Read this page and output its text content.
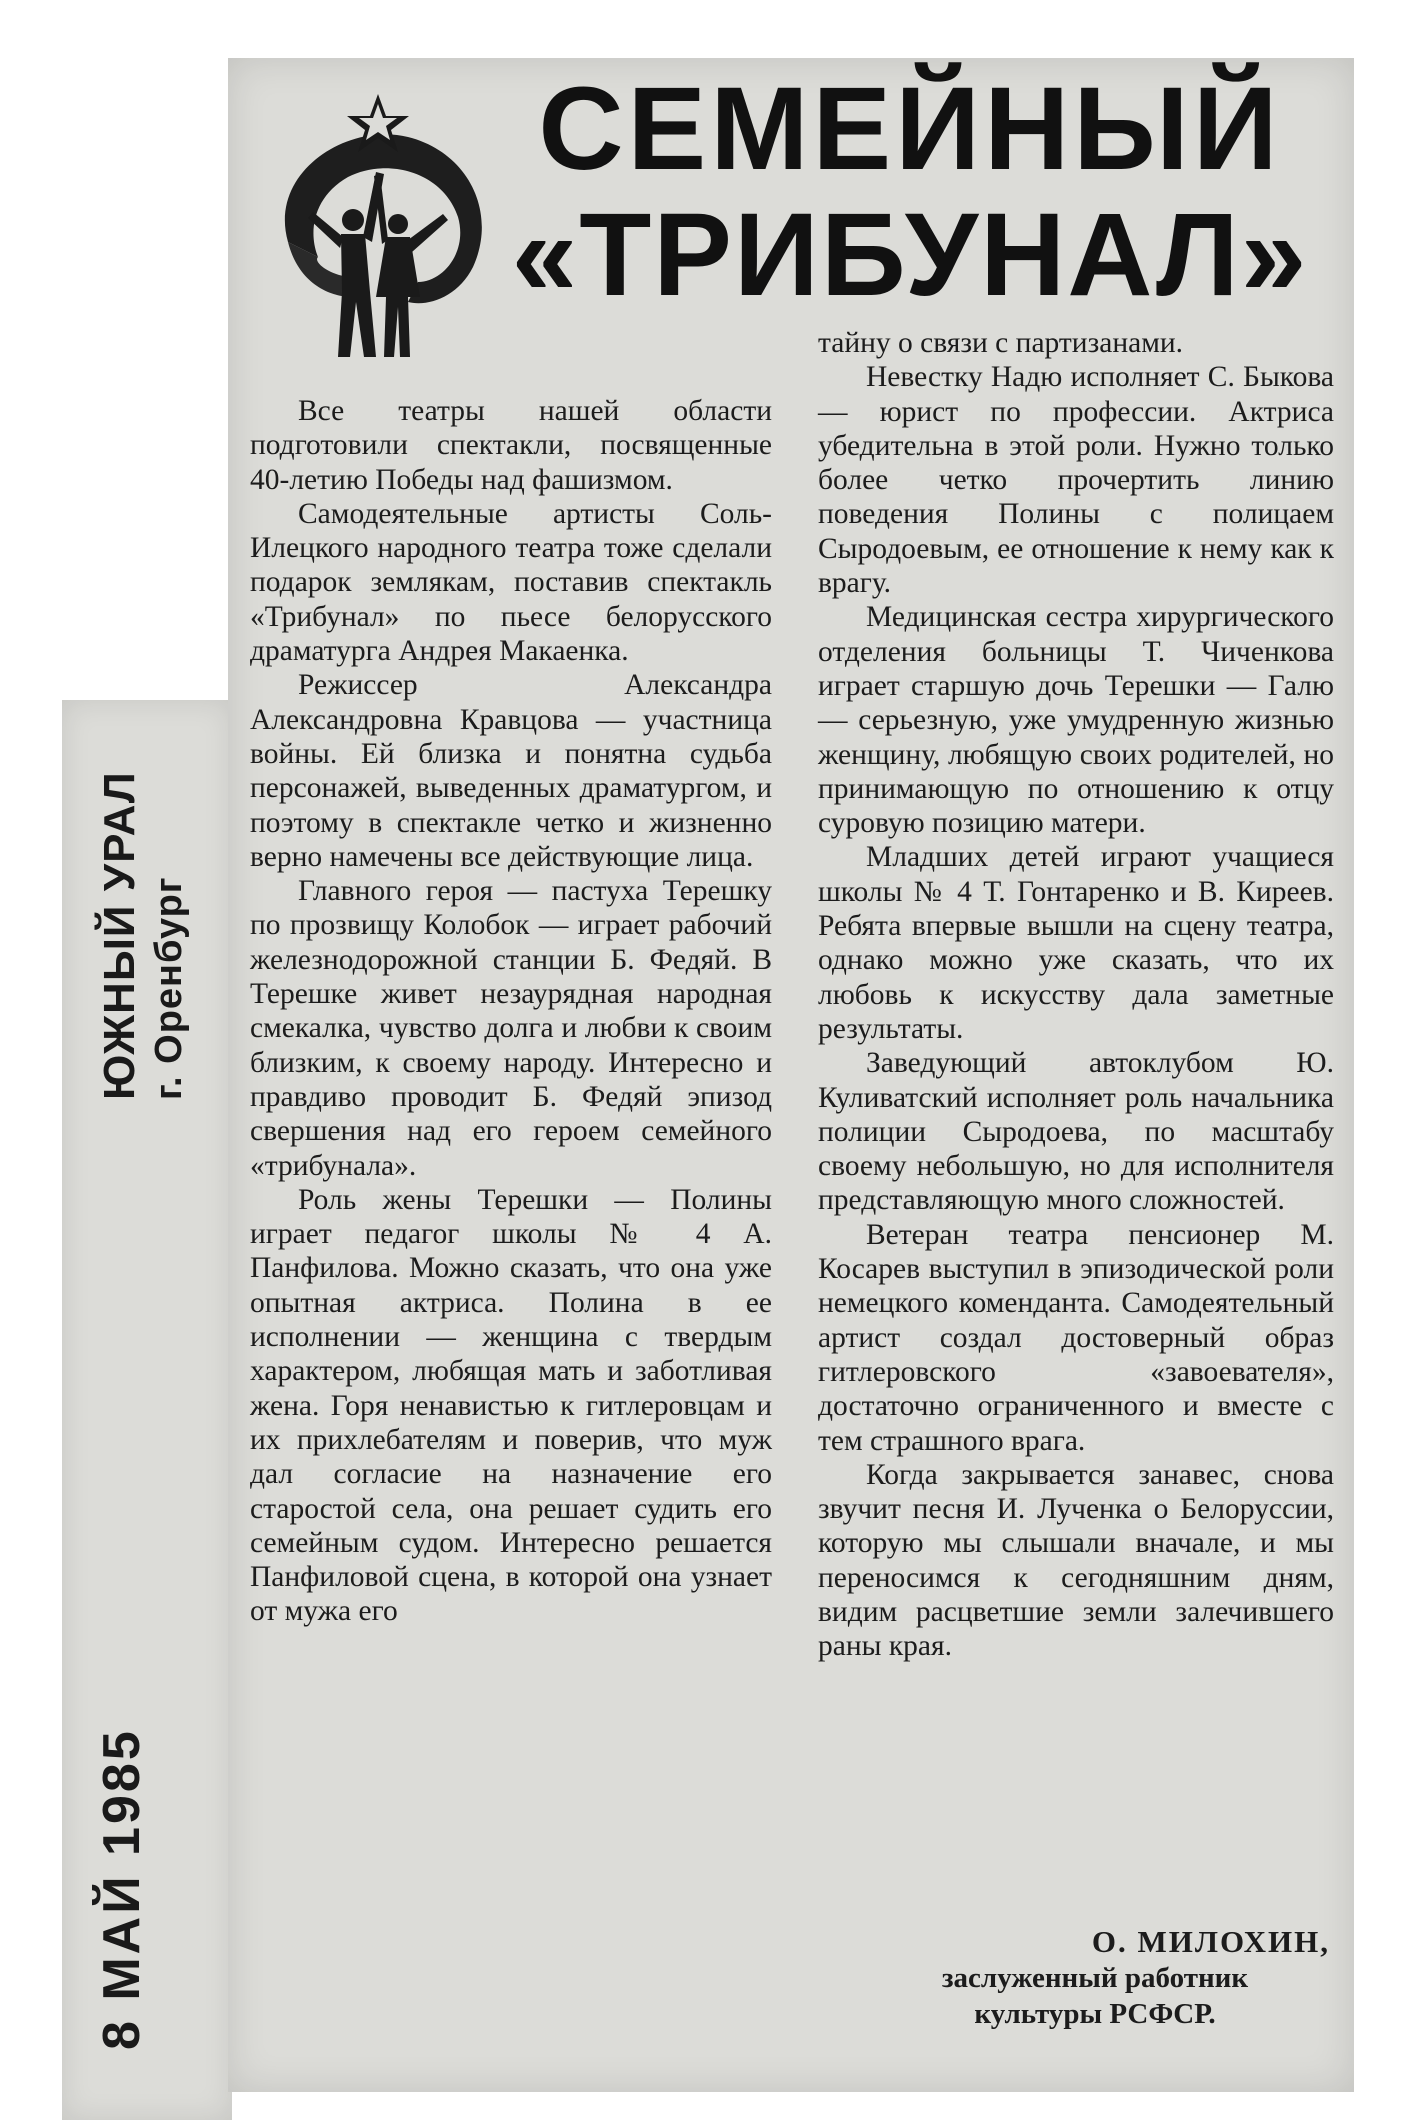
ЮЖНЫЙ УРАЛ г. Оренбург
8 МАЙ 1985
СЕМЕЙНЫЙ
«ТРИБУНАЛ»

Все театры нашей области подготовили спектакли, посвященные 40-летию Победы над фашизмом.

Самодеятельные артисты Соль-Илецкого народного театра тоже сделали подарок землякам, поставив спектакль «Трибунал» по пьесе белорусского драматурга Андрея Макаенка.

Режиссер Александра Александровна Кравцова — участница войны. Ей близка и понятна судьба персонажей, выведенных драматургом, и поэтому в спектакле четко и жизненно верно намечены все действующие лица.

Главного героя — пастуха Терешку по прозвищу Колобок — играет рабочий железнодорожной станции Б. Федяй. В Терешке живет незаурядная народная смекалка, чувство долга и любви к своим близким, к своему народу. Интересно и правдиво проводит Б. Федяй эпизод свершения над его героем семейного «трибунала».

Роль жены Терешки — Полины играет педагог школы № 4 А. Панфилова. Можно сказать, что она уже опытная актриса. Полина в ее исполнении — женщина с твердым характером, любящая мать и заботливая жена. Горя ненавистью к гитлеровцам и их прихлебателям и поверив, что муж дал согласие на назначение его старостой села, она решает судить его семейным судом. Интересно решается Панфиловой сцена, в которой она узнает от мужа его

тайну о связи с партизанами.

Невестку Надю исполняет С. Быкова — юрист по профессии. Актриса убедительна в этой роли. Нужно только более четко прочертить линию поведения Полины с полицаем Сыродоевым, ее отношение к нему как к врагу.

Медицинская сестра хирургического отделения больницы Т. Чиченкова играет старшую дочь Терешки — Галю — серьезную, уже умудренную жизнью женщину, любящую своих родителей, но принимающую по отношению к отцу суровую позицию матери.

Младших детей играют учащиеся школы № 4 Т. Гонтаренко и В. Киреев. Ребята впервые вышли на сцену театра, однако можно уже сказать, что их любовь к искусству дала заметные результаты.

Заведующий автоклубом Ю. Куливатский исполняет роль начальника полиции Сыродоева, по масштабу своему небольшую, но для исполнителя представляющую много сложностей.

Ветеран театра пенсионер М. Косарев выступил в эпизодической роли немецкого коменданта. Самодеятельный артист создал достоверный образ гитлеровского «завоевателя», достаточно ограниченного и вместе с тем страшного врага.

Когда закрывается занавес, снова звучит песня И. Лученка о Белоруссии, которую мы слышали вначале, и мы переносимся к сегодняшним дням, видим расцветшие земли залечившего раны края.

О. МИЛОХИН,
заслуженный работник
культуры РСФСР.
